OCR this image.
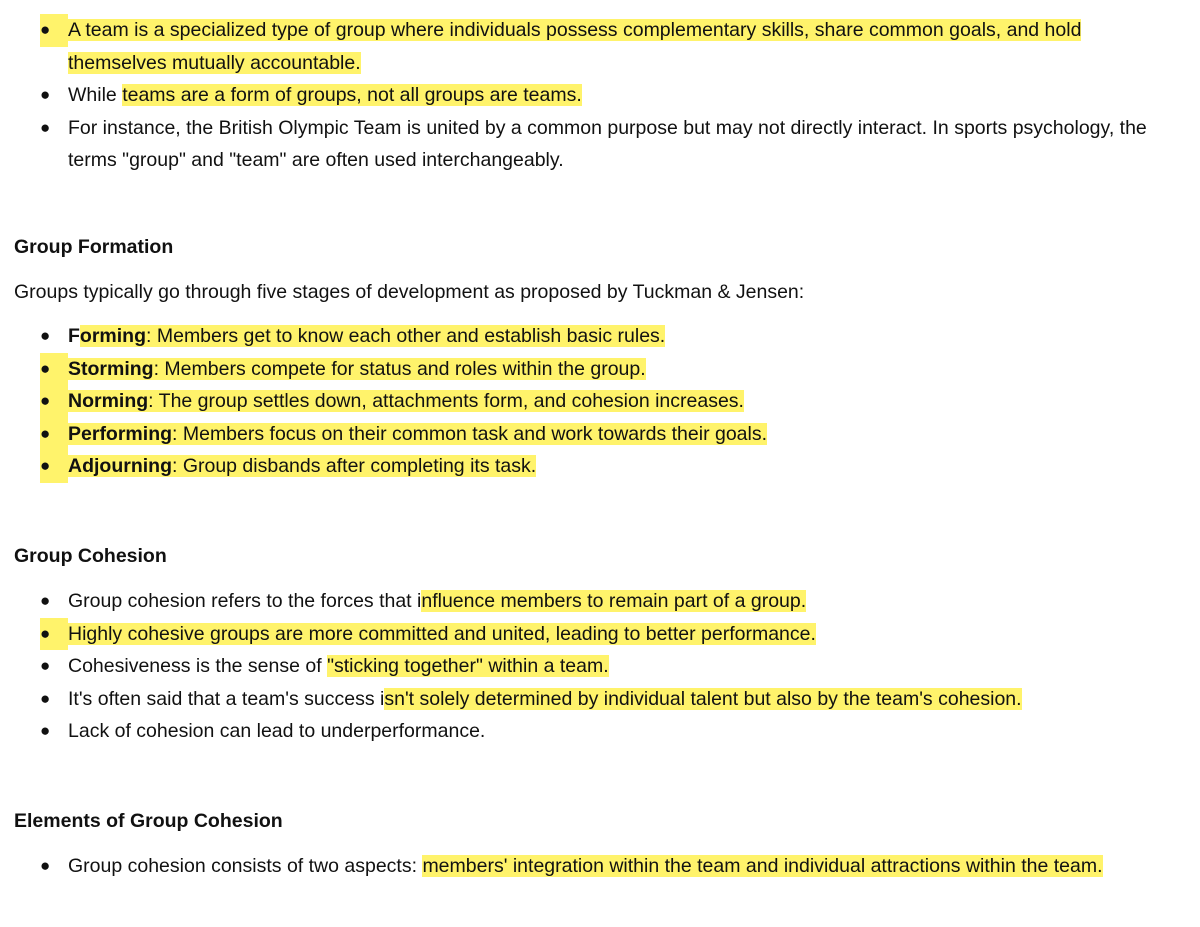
● A team is a specialized type of group where individuals possess complementary skills, share common goals, and hold themselves mutually accountable.
● While teams are a form of groups, not all groups are teams.
● For instance, the British Olympic Team is united by a common purpose but may not directly interact. In sports psychology, the terms "group" and "team" are often used interchangeably.
Group Formation
Groups typically go through five stages of development as proposed by Tuckman & Jensen:
● Forming: Members get to know each other and establish basic rules.
● Storming: Members compete for status and roles within the group.
● Norming: The group settles down, attachments form, and cohesion increases.
● Performing: Members focus on their common task and work towards their goals.
● Adjourning: Group disbands after completing its task.
Group Cohesion
● Group cohesion refers to the forces that influence members to remain part of a group.
● Highly cohesive groups are more committed and united, leading to better performance.
● Cohesiveness is the sense of "sticking together" within a team.
● It's often said that a team's success isn't solely determined by individual talent but also by the team's cohesion.
● Lack of cohesion can lead to underperformance.
Elements of Group Cohesion
● Group cohesion consists of two aspects: members' integration within the team and individual attractions within the team.
